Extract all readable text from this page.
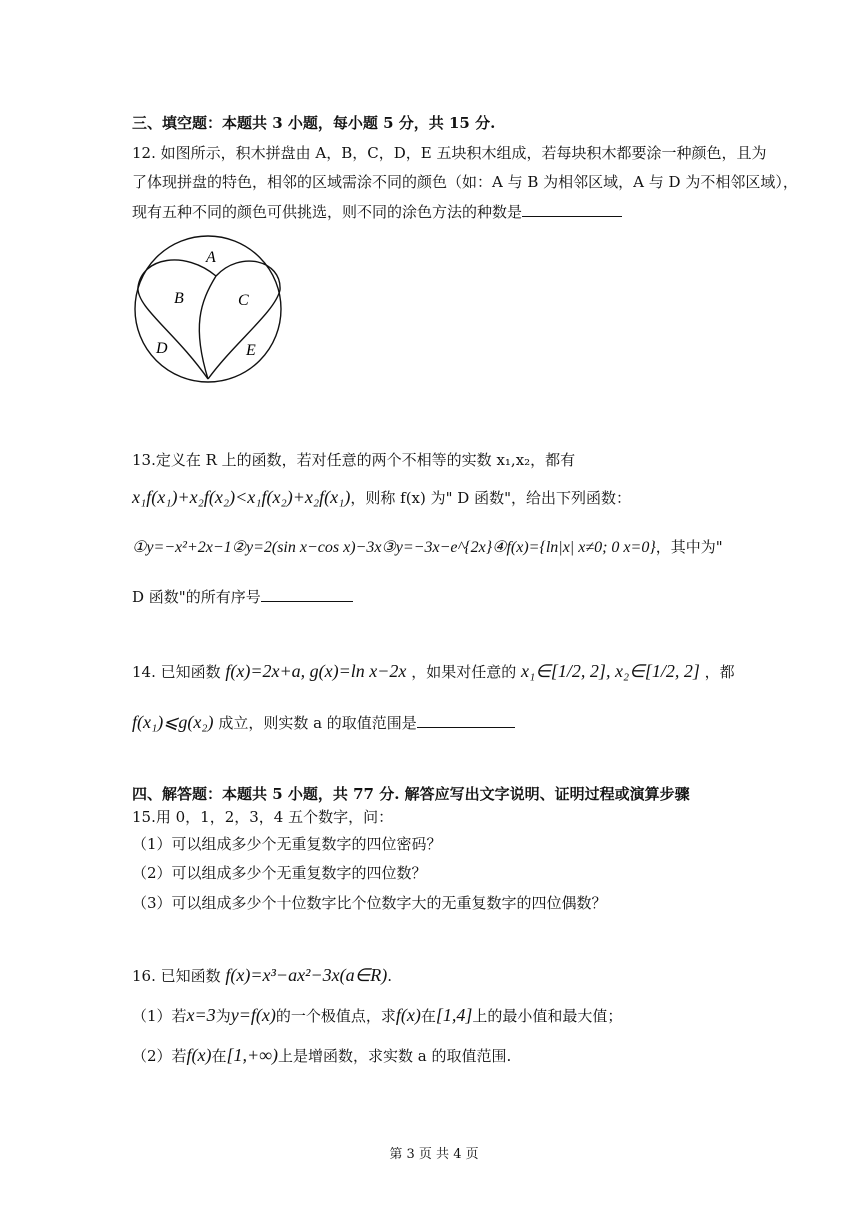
三、填空题：本题共 3 小题，每小题 5 分，共 15 分.
12. 如图所示，积木拼盘由 A，B，C，D，E 五块积木组成，若每块积木都要涂一种颜色，且为
了体现拼盘的特色，相邻的区域需涂不同的颜色（如：A 与 B 为相邻区域，A 与 D 为不相邻区域），
现有五种不同的颜色可供挑选，则不同的涂色方法的种数是
A
B	C
D	E
13.定义在 R 上的函数，若对任意的两个不相等的实数 x₁,x₂，都有
x₁f(x₁)+x₂f(x₂)<x₁f(x₂)+x₂f(x₁)，则称 f(x) 为" D 函数"，给出下列函数：
①y=−x²+2x−1②y=2(sin x−cos x)−3x③y=−3x−e^{2x}④f(x)={ln|x| x≠0; 0 x=0}，其中为"
D 函数"的所有序号
14. 已知函数 f(x)=2x+a, g(x)=ln x−2x ，如果对任意的 x₁∈[1/2, 2], x₂∈[1/2, 2] ，都
f(x₁)⩽g(x₂) 成立，则实数 a 的取值范围是
四、解答题：本题共 5 小题，共 77 分. 解答应写出文字说明、证明过程或演算步骤
15.用 0，1，2，3，4 五个数字，问：
（1）可以组成多少个无重复数字的四位密码？
（2）可以组成多少个无重复数字的四位数？
（3）可以组成多少个十位数字比个位数字大的无重复数字的四位偶数？
16. 已知函数 f(x)=x³−ax²−3x(a∈R).
（1）若x=3为y=f(x)的一个极值点，求f(x)在[1,4]上的最小值和最大值；
（2）若f(x)在[1,+∞)上是增函数，求实数 a 的取值范围.
第 3 页 共 4 页
